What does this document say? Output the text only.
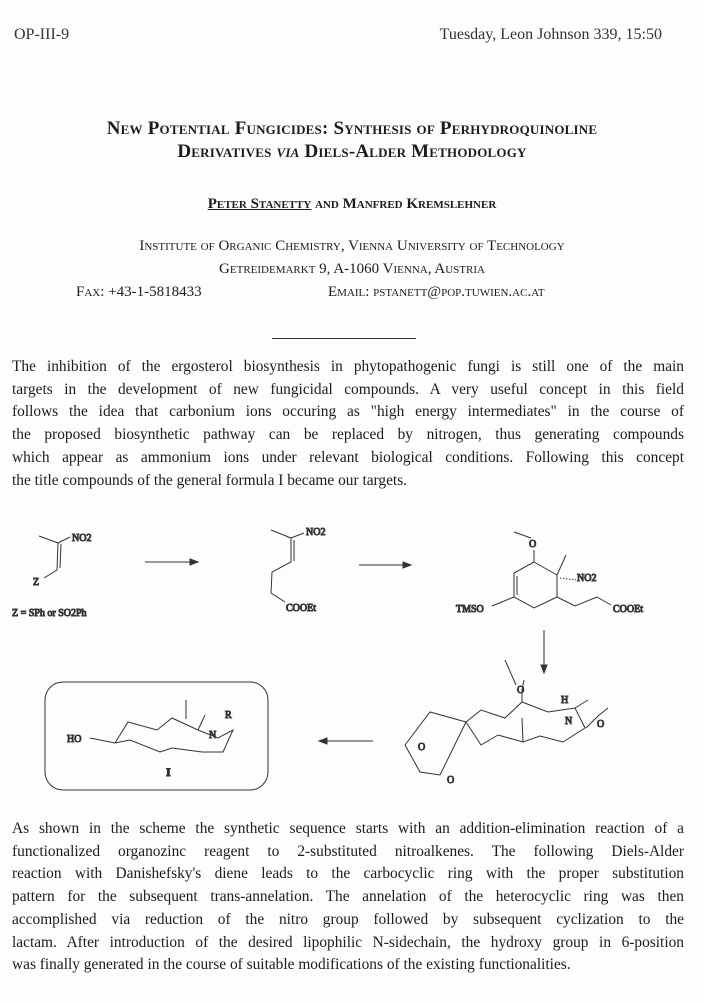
OP-III-9	Tuesday, Leon Johnson 339, 15:50
New Potential Fungicides: Synthesis of Perhydroquinoline
Derivatives via Diels-Alder Methodology
Peter Stanetty and Manfred Kremslehner
Institute of Organic Chemistry, Vienna University of Technology
Getreidemarkt 9, A-1060 Vienna, Austria
Fax: +43-1-5818433	Email: pstanett@pop.tuwien.ac.at
The inhibition of the ergosterol biosynthesis in phytopathogenic fungi is still one of the main
targets in the development of new fungicidal compounds. A very useful concept in this field
follows the idea that carbonium ions occuring as "high energy intermediates" in the course of
the proposed biosynthetic pathway can be replaced by nitrogen, thus generating compounds
which appear as ammonium ions under relevant biological conditions. Following this concept
the title compounds of the general formula I became our targets.
NO2
Z
Z = SPh or SO2Ph
NO2
COOEt
O
NO2
TMSO	COOEt
O
N
H
O
O
O
HO	N
R
I
As shown in the scheme the synthetic sequence starts with an addition-elimination reaction of a
functionalized organozinc reagent to 2-substituted nitroalkenes. The following Diels-Alder
reaction with Danishefsky's diene leads to the carbocyclic ring with the proper substitution
pattern for the subsequent trans-annelation. The annelation of the heterocyclic ring was then
accomplished via reduction of the nitro group followed by subsequent cyclization to the
lactam. After introduction of the desired lipophilic N-sidechain, the hydroxy group in 6-position
was finally generated in the course of suitable modifications of the existing functionalities.
